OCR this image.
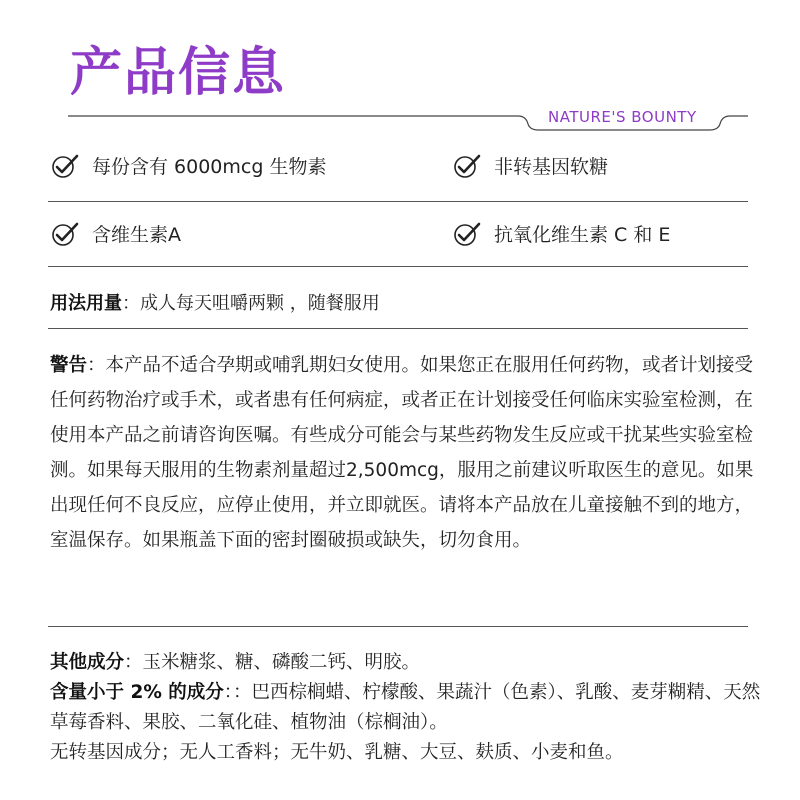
产品信息
NATURE'S BOUNTY
每份含有 6000mcg 生物素	非转基因软糖
含维生素A	抗氧化维生素 C 和 E
用法用量：成人每天咀嚼两颗 ，随餐服用
警告：本产品不适合孕期或哺乳期妇女使用。如果您正在服用任何药物，或者计划接受任何药物治疗或手术，或者患有任何病症，或者正在计划接受任何临床实验室检测，在使用本产品之前请咨询医嘱。有些成分可能会与某些药物发生反应或干扰某些实验室检测。如果每天服用的生物素剂量超过2,500mcg，服用之前建议听取医生的意见。如果出现任何不良反应，应停止使用，并立即就医。请将本产品放在儿童接触不到的地方，室温保存。如果瓶盖下面的密封圈破损或缺失，切勿食用。
其他成分：玉米糖浆、糖、磷酸二钙、明胶。
含量小于 2% 的成分：：巴西棕榈蜡、柠檬酸、果蔬汁（色素）、乳酸、麦芽糊精、天然草莓香料、果胶、二氧化硅、植物油（棕榈油）。
无转基因成分；无人工香料；无牛奶、乳糖、大豆、麸质、小麦和鱼。
